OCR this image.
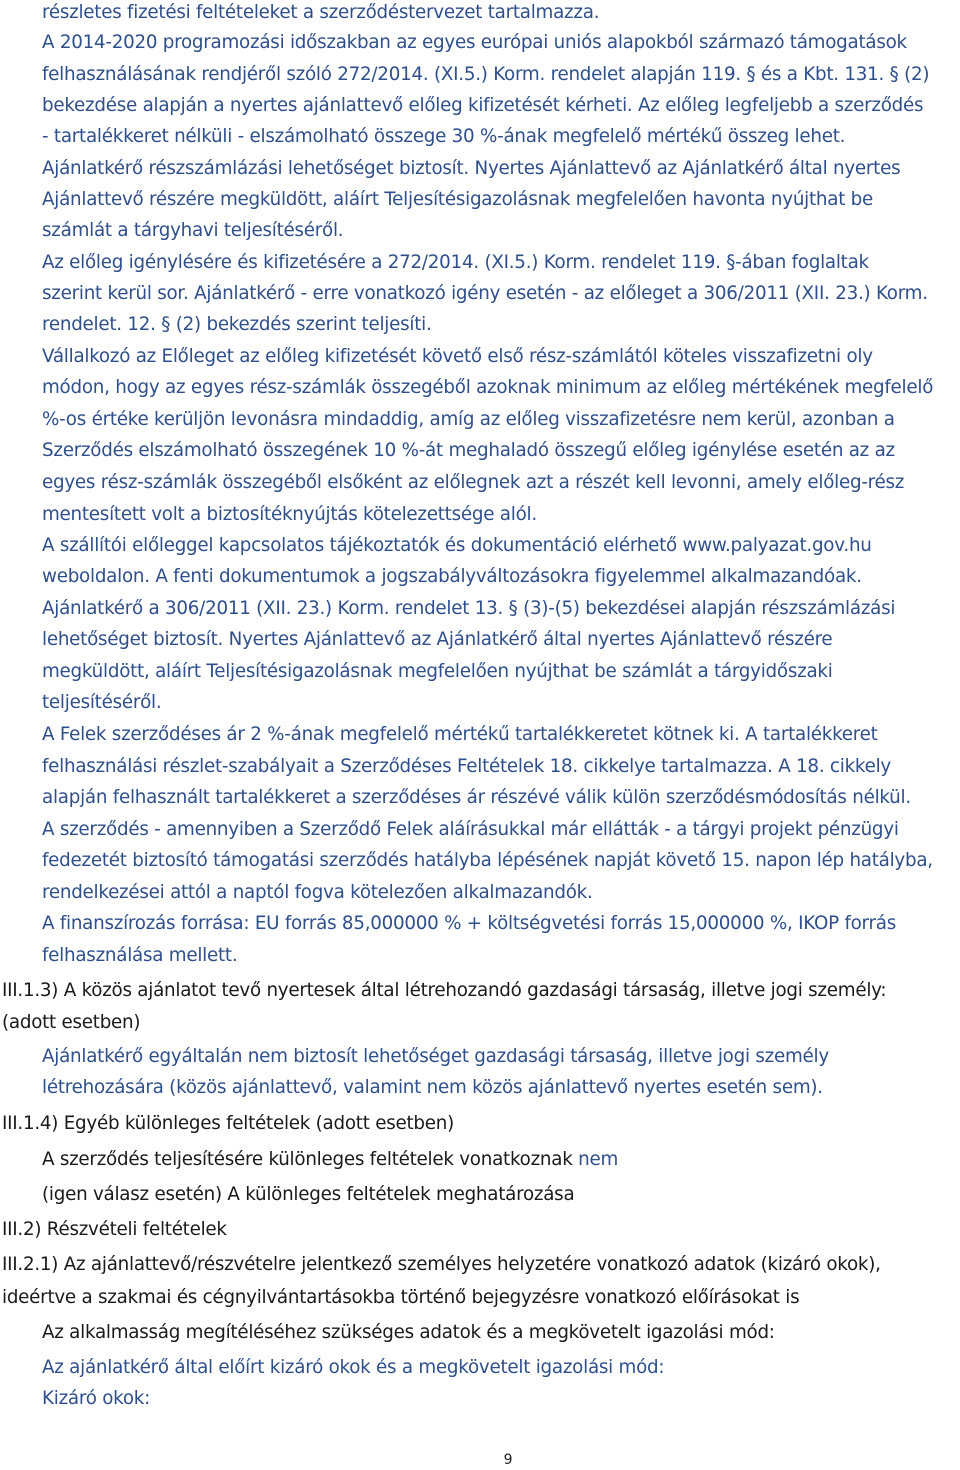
részletes fizetési feltételeket a szerződéstervezet tartalmazza.
A 2014-2020 programozási időszakban az egyes európai uniós alapokból származó támogatások
felhasználásának rendjéről szóló 272/2014. (XI.5.) Korm. rendelet alapján 119. § és a Kbt. 131. § (2)
bekezdése alapján a nyertes ajánlattevő előleg kifizetését kérheti. Az előleg legfeljebb a szerződés
- tartalékkeret nélküli - elszámolható összege 30 %-ának megfelelő mértékű összeg lehet.
Ajánlatkérő részszámlázási lehetőséget biztosít. Nyertes Ajánlattevő az Ajánlatkérő által nyertes
Ajánlattevő részére megküldött, aláírt Teljesítésigazolásnak megfelelően havonta nyújthat be
számlát a tárgyhavi teljesítéséről.
Az előleg igénylésére és kifizetésére a 272/2014. (XI.5.) Korm. rendelet 119. §-ában foglaltak
szerint kerül sor. Ajánlatkérő - erre vonatkozó igény esetén - az előleget a 306/2011 (XII. 23.) Korm.
rendelet. 12. § (2) bekezdés szerint teljesíti.
Vállalkozó az Előleget az előleg kifizetését követő első rész-számlától köteles visszafizetni oly
módon, hogy az egyes rész-számlák összegéből azoknak minimum az előleg mértékének megfelelő
%-os értéke kerüljön levonásra mindaddig, amíg az előleg visszafizetésre nem kerül, azonban a
Szerződés elszámolható összegének 10 %-át meghaladó összegű előleg igénylése esetén az az
egyes rész-számlák összegéből elsőként az előlegnek azt a részét kell levonni, amely előleg-rész
mentesített volt a biztosítéknyújtás kötelezettsége alól.
A szállítói előleggel kapcsolatos tájékoztatók és dokumentáció elérhető www.palyazat.gov.hu
weboldalon. A fenti dokumentumok a jogszabályváltozásokra figyelemmel alkalmazandóak.
Ajánlatkérő a 306/2011 (XII. 23.) Korm. rendelet 13. § (3)-(5) bekezdései alapján részszámlázási
lehetőséget biztosít. Nyertes Ajánlattevő az Ajánlatkérő által nyertes Ajánlattevő részére
megküldött, aláírt Teljesítésigazolásnak megfelelően nyújthat be számlát a tárgyidőszaki
teljesítéséről.
A Felek szerződéses ár 2 %-ának megfelelő mértékű tartalékkeretet kötnek ki. A tartalékkeret
felhasználási részlet-szabályait a Szerződéses Feltételek 18. cikkelye tartalmazza. A 18. cikkely
alapján felhasznált tartalékkeret a szerződéses ár részévé válik külön szerződésmódosítás nélkül.
A szerződés - amennyiben a Szerződő Felek aláírásukkal már ellátták - a tárgyi projekt pénzügyi
fedezetét biztosító támogatási szerződés hatályba lépésének napját követő 15. napon lép hatályba,
rendelkezései attól a naptól fogva kötelezően alkalmazandók.
A finanszírozás forrása: EU forrás 85,000000 % + költségvetési forrás 15,000000 %, IKOP forrás
felhasználása mellett.
III.1.3) A közös ajánlatot tevő nyertesek által létrehozandó gazdasági társaság, illetve jogi személy:
(adott esetben)
Ajánlatkérő egyáltalán nem biztosít lehetőséget gazdasági társaság, illetve jogi személy
létrehozására (közös ajánlattevő, valamint nem közös ajánlattevő nyertes esetén sem).
III.1.4) Egyéb különleges feltételek (adott esetben)
(igen válasz esetén) A különleges feltételek meghatározása
III.2) Részvételi feltételek
III.2.1) Az ajánlattevő/részvételre jelentkező személyes helyzetére vonatkozó adatok (kizáró okok),
ideértve a szakmai és cégnyilvántartásokba történő bejegyzésre vonatkozó előírásokat is
Az alkalmasság megítéléséhez szükséges adatok és a megkövetelt igazolási mód:
Az ajánlatkérő által előírt kizáró okok és a megkövetelt igazolási mód:
Kizáró okok:
A szerződés teljesítésére különleges feltételek vonatkoznak nem
9
